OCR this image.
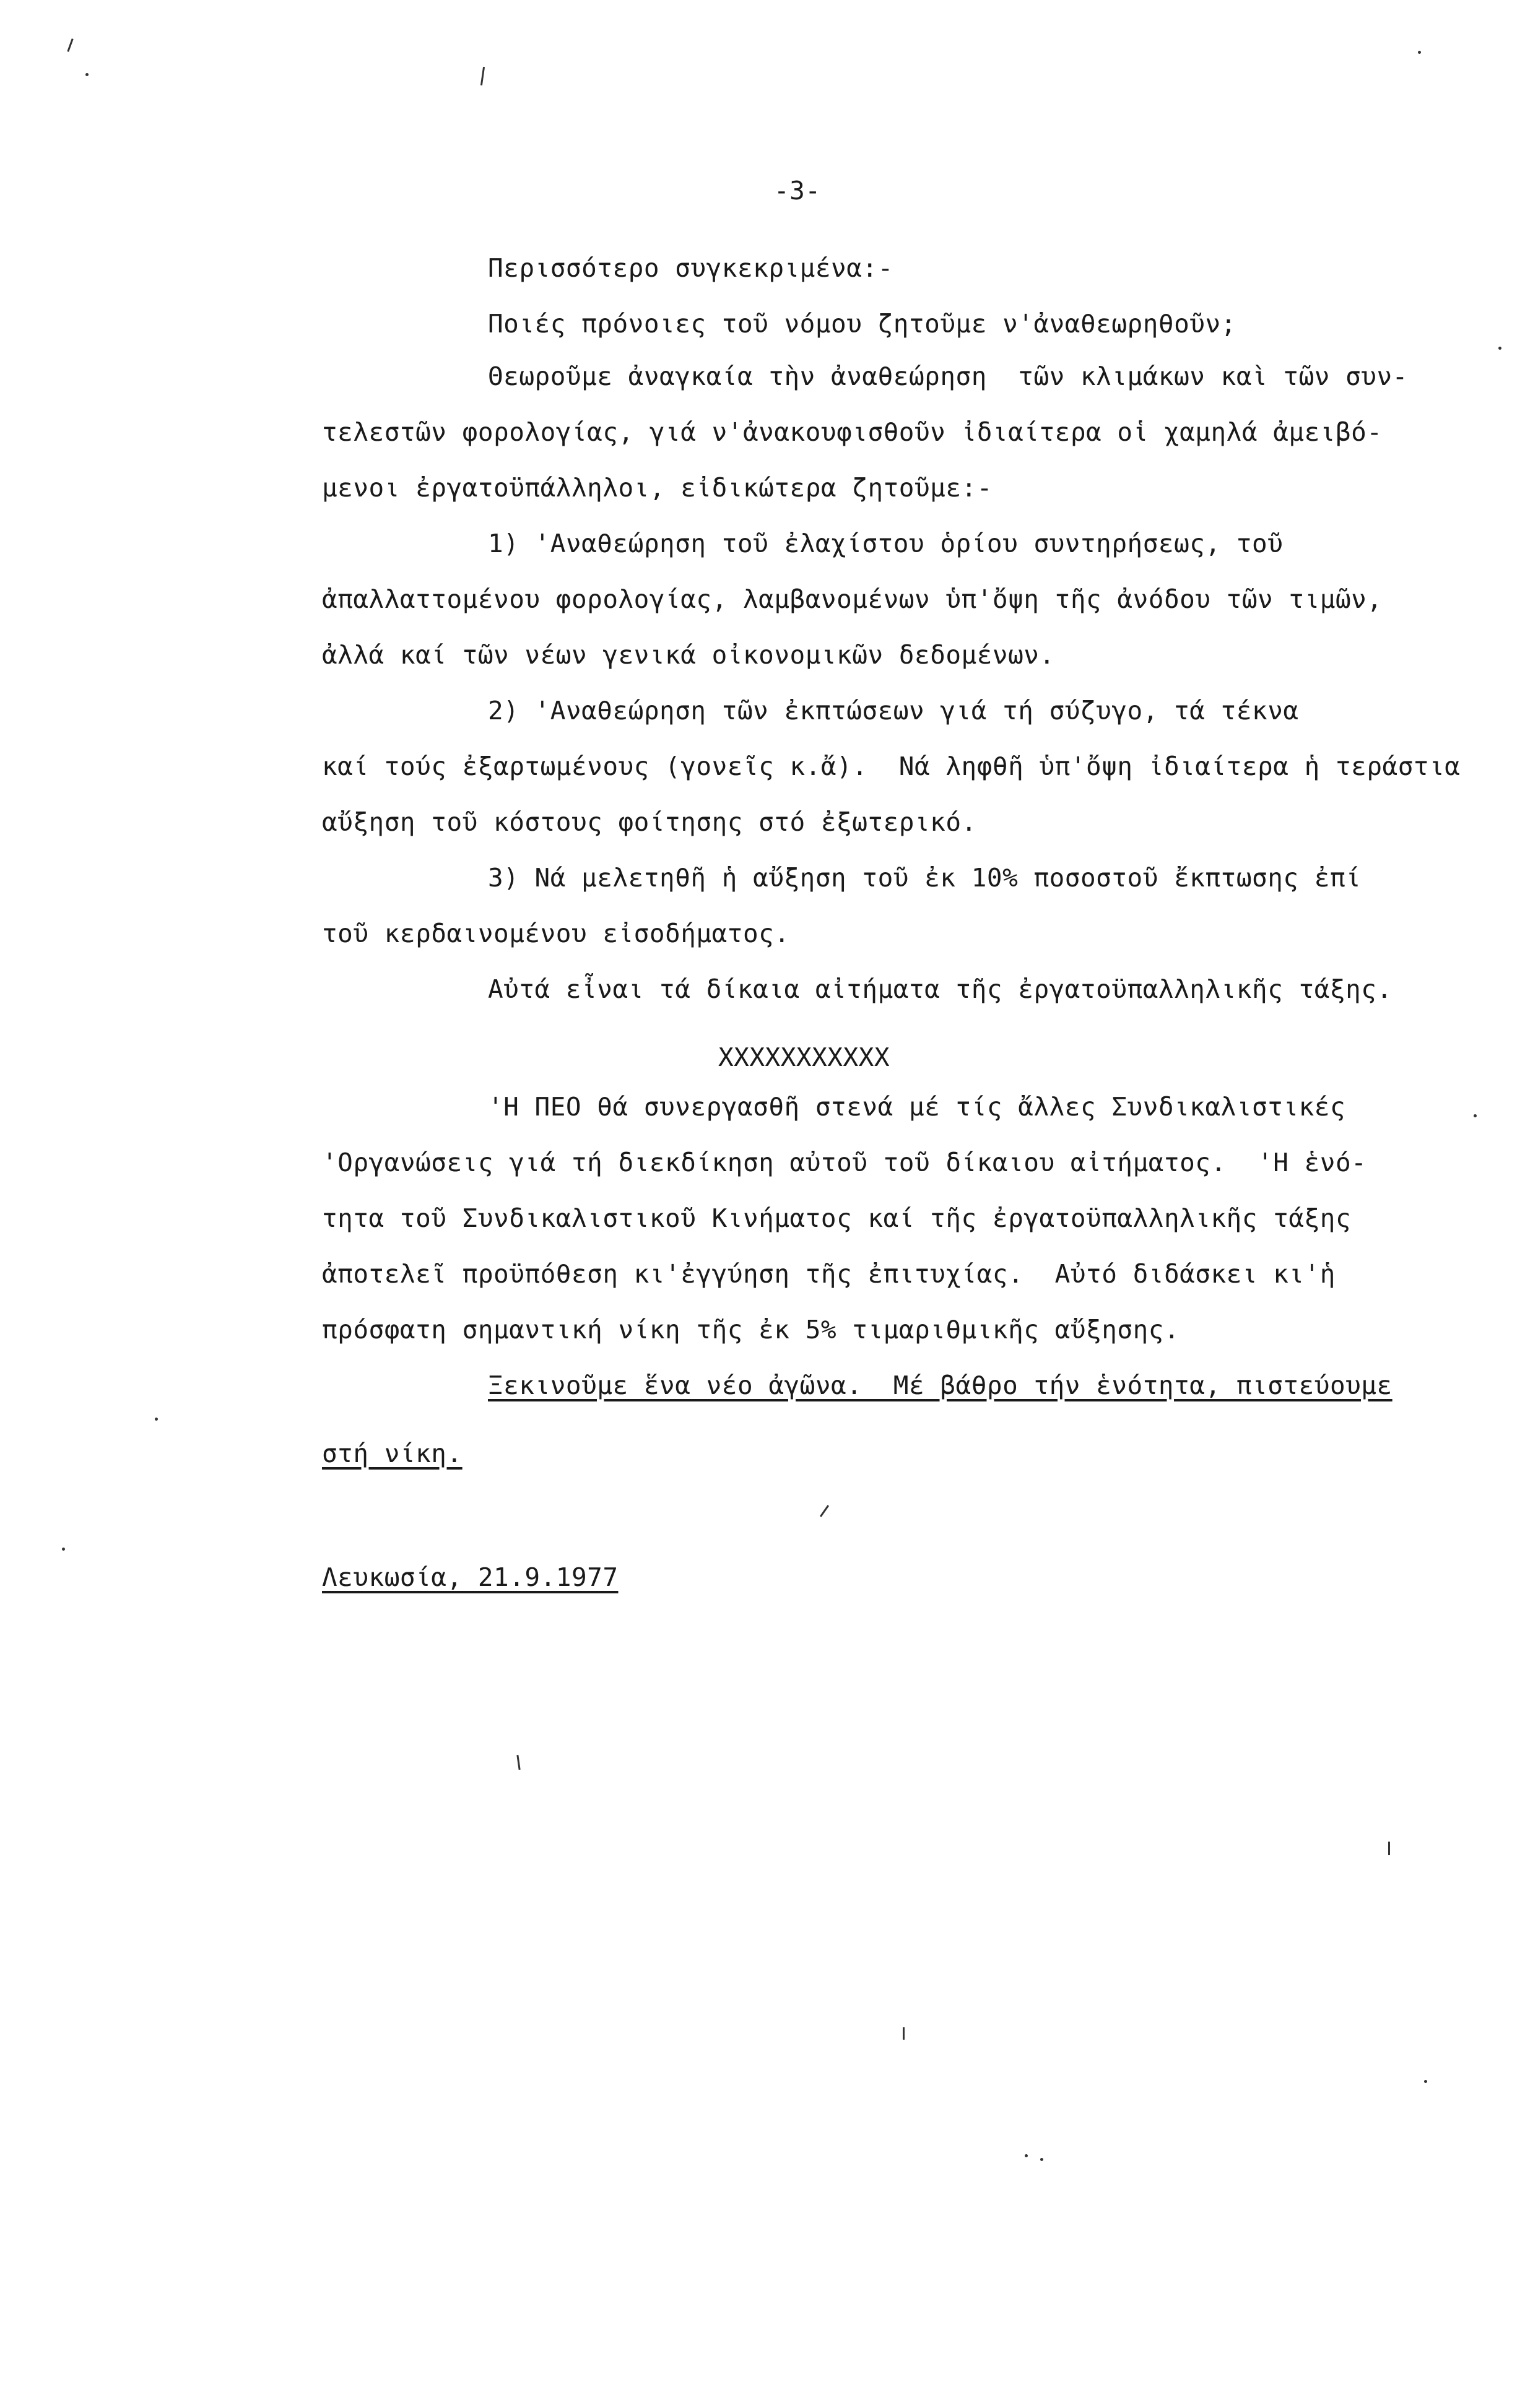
-3-
Περισσότερο συγκεκριμένα:-
Ποιές πρόνοιες τοῦ νόμου ζητοῦμε ν'ἀναθεωρηθοῦν;
Θεωροῦμε ἀναγκαία τὴν ἀναθεώρηση  τῶν κλιμάκων καὶ τῶν συν-
τελεστῶν φορολογίας, γιά ν'ἀνακουφισθοῦν ἰδιαίτερα οἱ χαμηλά ἀμειβό-
μενοι ἐργατοϋπάλληλοι, εἰδικώτερα ζητοῦμε:-
1) 'Αναθεώρηση τοῦ ἐλαχίστου ὁρίου συντηρήσεως, τοῦ
ἀπαλλαττομένου φορολογίας, λαμβανομένων ὑπ'ὄψη τῆς ἀνόδου τῶν τιμῶν,
ἀλλά καί τῶν νέων γενικά οἰκονομικῶν δεδομένων.
2) 'Αναθεώρηση τῶν ἐκπτώσεων γιά τή σύζυγο, τά τέκνα
καί τούς ἐξαρτωμένους (γονεῖς κ.ἄ).  Νά ληφθῆ ὑπ'ὄψη ἰδιαίτερα ἡ τεράστια
αὔξηση τοῦ κόστους φοίτησης στό ἐξωτερικό.
3) Νά μελετηθῆ ἡ αὔξηση τοῦ ἐκ 10% ποσοστοῦ ἔκπτωσης ἐπί
τοῦ κερδαινομένου εἰσοδήματος.
Αὐτά εἶναι τά δίκαια αἰτήματα τῆς ἐργατοϋπαλληλικῆς τάξης.
XXXXXXXXXXX
'Η ΠΕΟ θά συνεργασθῆ στενά μέ τίς ἄλλες Συνδικαλιστικές
'Οργανώσεις γιά τή διεκδίκηση αὐτοῦ τοῦ δίκαιου αἰτήματος.  'Η ἑνό-
τητα τοῦ Συνδικαλιστικοῦ Κινήματος καί τῆς ἐργατοϋπαλληλικῆς τάξης
ἀποτελεῖ προϋπόθεση κι'ἐγγύηση τῆς ἐπιτυχίας.  Αὐτό διδάσκει κι'ἡ
πρόσφατη σημαντική νίκη τῆς ἐκ 5% τιμαριθμικῆς αὔξησης.
Ξεκινοῦμε ἕνα νέο ἀγῶνα.  Μέ βάθρο τήν ἑνότητα, πιστεύουμε
στή νίκη.
Λευκωσία, 21.9.1977
